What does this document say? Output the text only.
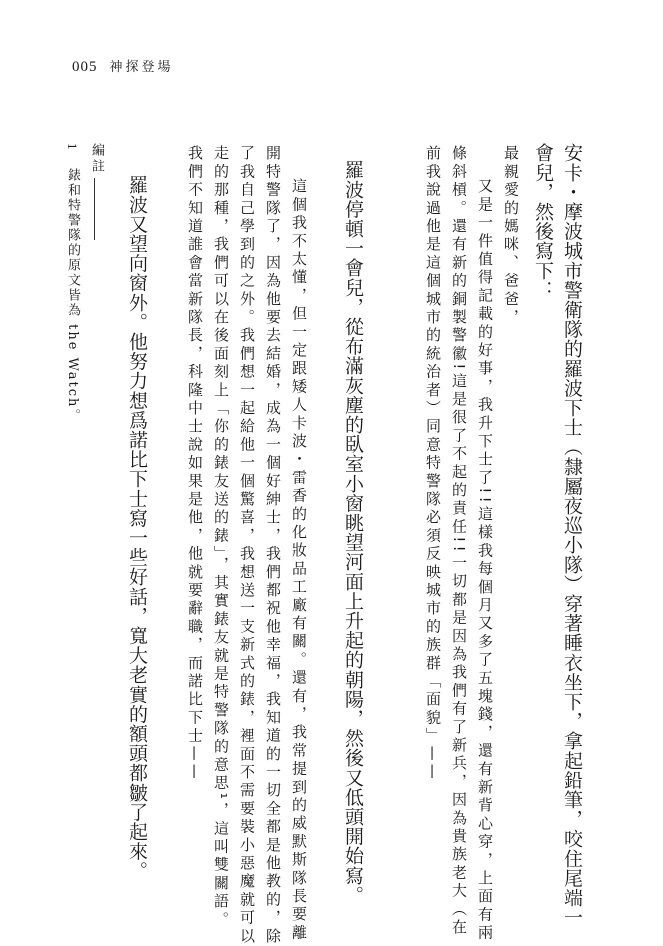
005 神探登場
安卡・摩波城市警衛隊的羅波下士（隸屬夜巡小隊）穿著睡衣坐下，拿起鉛筆，咬住尾端一
會兒，然後寫下：
最親愛的媽咪、爸爸，
又是一件值得記載的好事，我升下士了!!這樣我每個月又多了五塊錢，還有新背心穿，上面有兩
條斜槓。還有新的銅製警徽!這是很了不起的責任!!一切都是因為我們有了新兵，因為貴族老大（在
前我說過他是這個城市的統治者）同意特警隊必須反映城市的族群「面貌」——
羅波停頓一會兒，從布滿灰塵的臥室小窗眺望河面上升起的朝陽，然後又低頭開始寫。
這個我不太懂，但一定跟矮人卡波・雷香的化妝品工廠有關。還有，我常提到的威默斯隊長要離
開特警隊了，因為他要去結婚，成為一個好紳士，我們都祝他幸福，我知道的一切全都是他教的，除
了我自己學到的之外。我們想一起給他一個驚喜，我想送一支新式的錶，裡面不需要裝小惡魔就可以
走的那種，我們可以在後面刻上「你的錶友送的錶」，其實錶友就是特警隊的意思¹，這叫雙關語。
我們不知道誰會當新隊長，科隆中士說如果是他，他就要辭職，而諾比下士——
羅波又望向窗外。他努力想爲諾比下士寫一些好話，寬大老實的額頭都皺了起來。
編註
1
錶和特警隊的原文皆為 the Watch。
